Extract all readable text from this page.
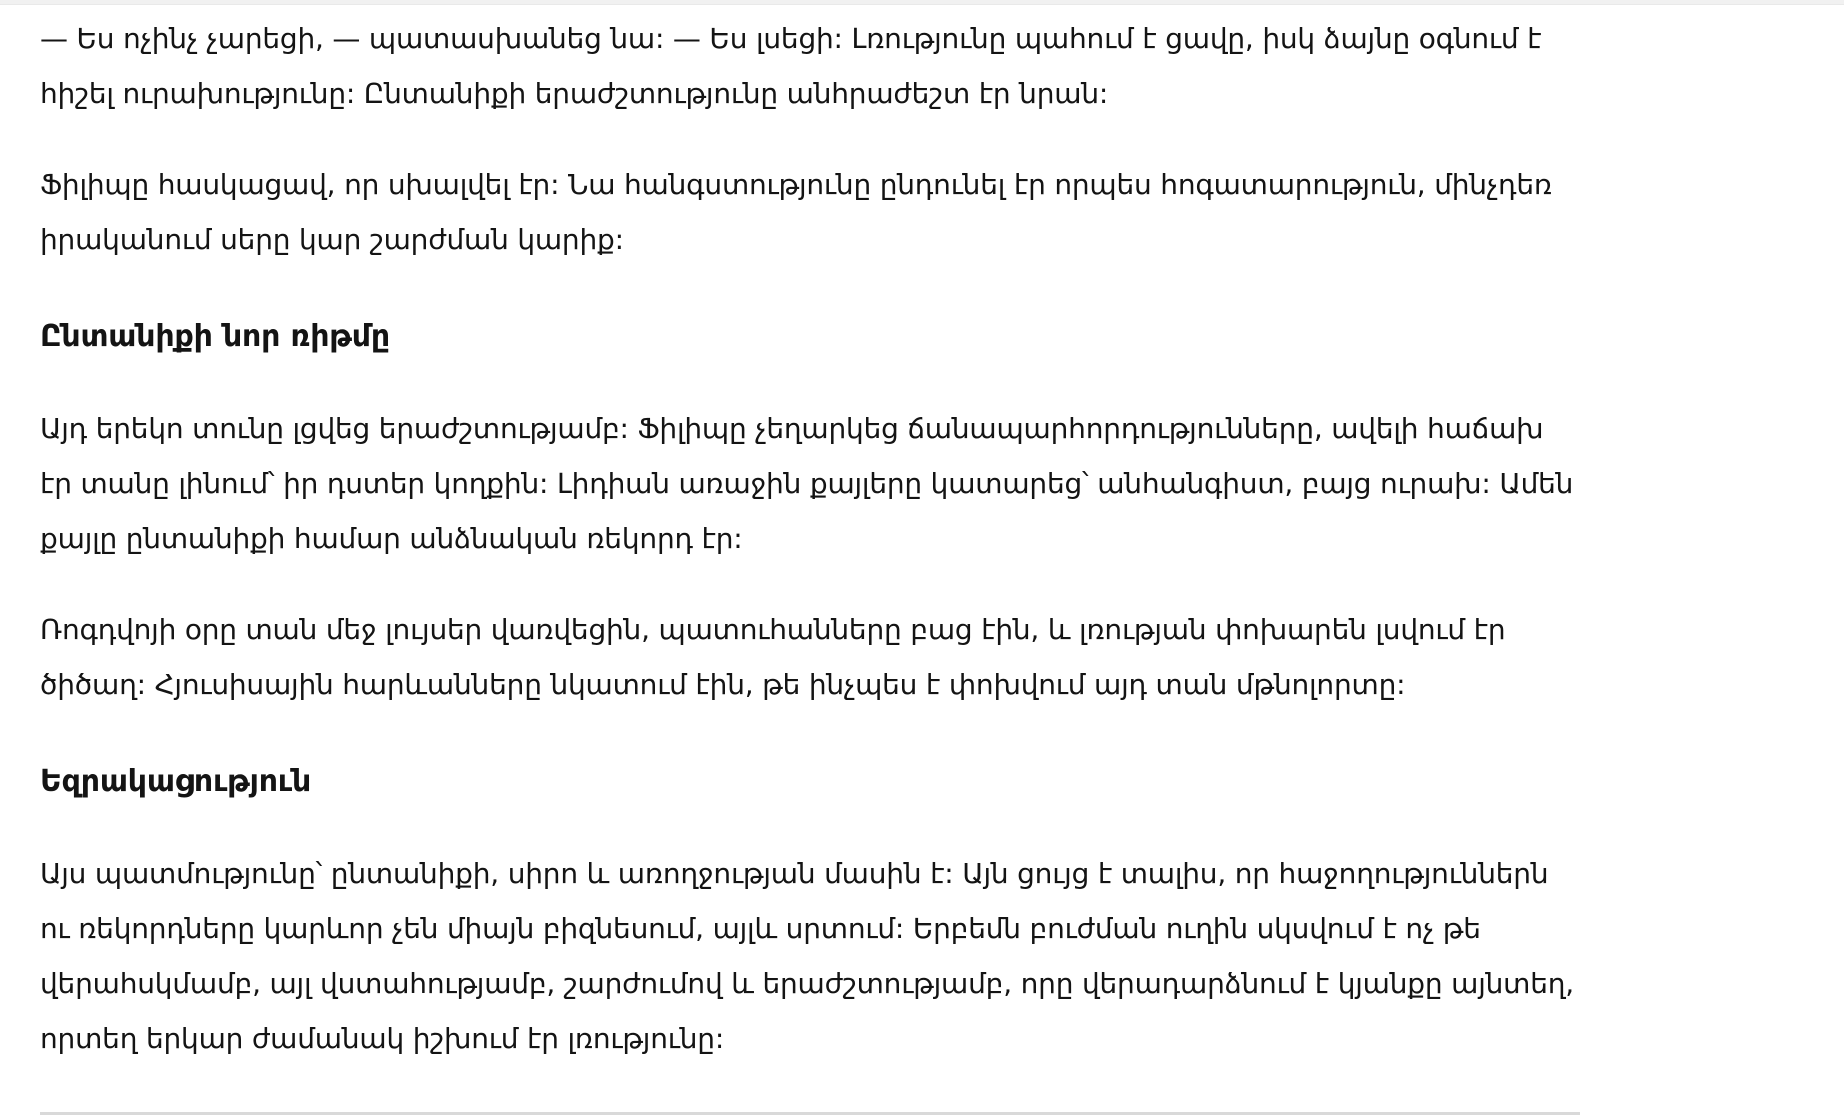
— Ես ոչինչ չարեցի, — պատասխանեց նա: — Ես լսեցի: Լռությունը պահում է ցավը, իսկ ձայնը օգնում է հիշել ուրախությունը: Ընտանիքի երաժշտությունը անհրաժեշտ էր նրան:

Ֆիլիպը հասկացավ, որ սխալվել էր: Նա հանգստությունը ընդունել էր որպես հոգատարություն, մինչդեռ իրականում սերը կար շարժման կարիք:

Ընտանիքի նոր ռիթմը

Այդ երեկո տունը լցվեց երաժշտությամբ: Ֆիլիպը չեղարկեց ճանապարհորդությունները, ավելի հաճախ էր տանը լինում՝ իր դստեր կողքին: Լիդիան առաջին քայլերը կատարեց՝ անհանգիստ, բայց ուրախ: Ամեն քայլը ընտանիքի համար անձնական ռեկորդ էր:

Ռոգդվոյի օրը տան մեջ լույսեր վառվեցին, պատուհանները բաց էին, և լռության փոխարեն լսվում էր ծիծաղ: Հյուսիսային հարևանները նկատում էին, թե ինչպես է փոխվում այդ տան մթնոլորտը:

Եզրակացություն

Այս պատմությունը՝ ընտանիքի, սիրո և առողջության մասին է: Այն ցույց է տալիս, որ հաջողություններն ու ռեկորդները կարևոր չեն միայն բիզնեսում, այլև սրտում: Երբեմն բուժման ուղին սկսվում է ոչ թե վերահսկմամբ, այլ վստահությամբ, շարժումով և երաժշտությամբ, որը վերադարձնում է կյանքը այնտեղ, որտեղ երկար ժամանակ իշխում էր լռությունը:
